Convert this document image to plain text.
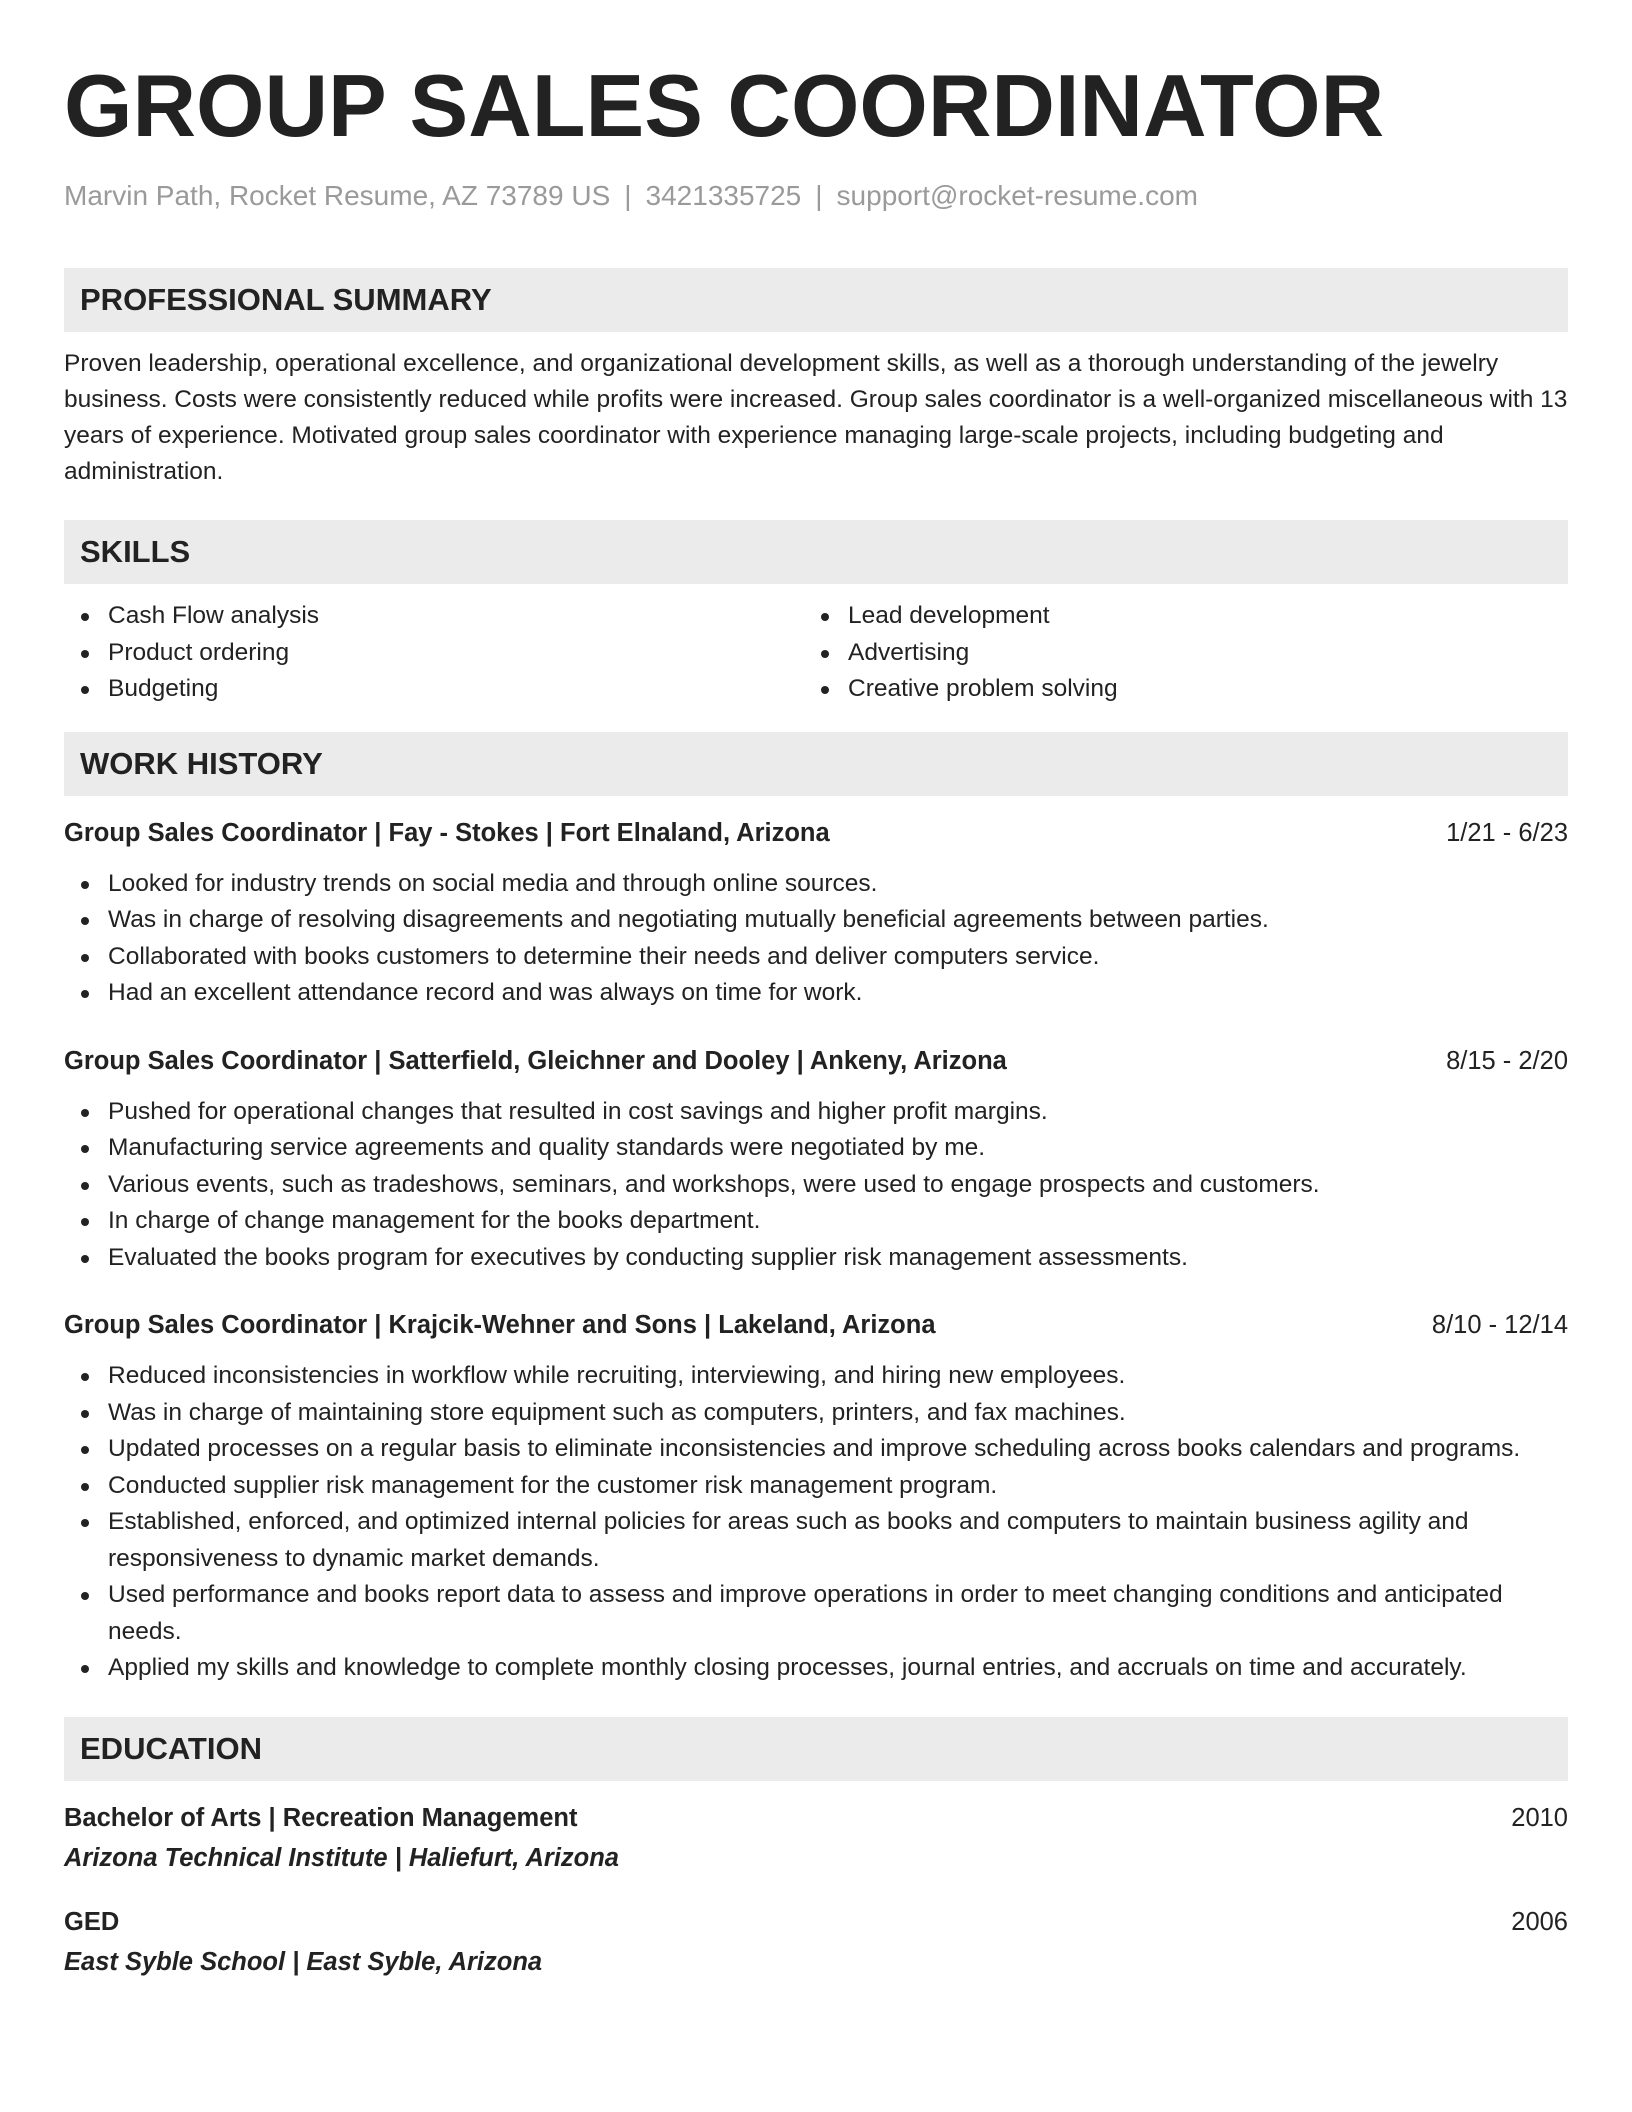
GROUP SALES COORDINATOR
Marvin Path, Rocket Resume, AZ 73789 US | 3421335725 | support@rocket-resume.com
PROFESSIONAL SUMMARY
Proven leadership, operational excellence, and organizational development skills, as well as a thorough understanding of the jewelry business. Costs were consistently reduced while profits were increased. Group sales coordinator is a well-organized miscellaneous with 13 years of experience. Motivated group sales coordinator with experience managing large-scale projects, including budgeting and administration.
SKILLS
Cash Flow analysis
Product ordering
Budgeting
Lead development
Advertising
Creative problem solving
WORK HISTORY
Group Sales Coordinator | Fay - Stokes | Fort Elnaland, Arizona	1/21 - 6/23
Looked for industry trends on social media and through online sources.
Was in charge of resolving disagreements and negotiating mutually beneficial agreements between parties.
Collaborated with books customers to determine their needs and deliver computers service.
Had an excellent attendance record and was always on time for work.
Group Sales Coordinator | Satterfield, Gleichner and Dooley | Ankeny, Arizona	8/15 - 2/20
Pushed for operational changes that resulted in cost savings and higher profit margins.
Manufacturing service agreements and quality standards were negotiated by me.
Various events, such as tradeshows, seminars, and workshops, were used to engage prospects and customers.
In charge of change management for the books department.
Evaluated the books program for executives by conducting supplier risk management assessments.
Group Sales Coordinator | Krajcik-Wehner and Sons | Lakeland, Arizona	8/10 - 12/14
Reduced inconsistencies in workflow while recruiting, interviewing, and hiring new employees.
Was in charge of maintaining store equipment such as computers, printers, and fax machines.
Updated processes on a regular basis to eliminate inconsistencies and improve scheduling across books calendars and programs.
Conducted supplier risk management for the customer risk management program.
Established, enforced, and optimized internal policies for areas such as books and computers to maintain business agility and responsiveness to dynamic market demands.
Used performance and books report data to assess and improve operations in order to meet changing conditions and anticipated needs.
Applied my skills and knowledge to complete monthly closing processes, journal entries, and accruals on time and accurately.
EDUCATION
Bachelor of Arts | Recreation Management	2010
Arizona Technical Institute | Haliefurt, Arizona
GED	2006
East Syble School | East Syble, Arizona
